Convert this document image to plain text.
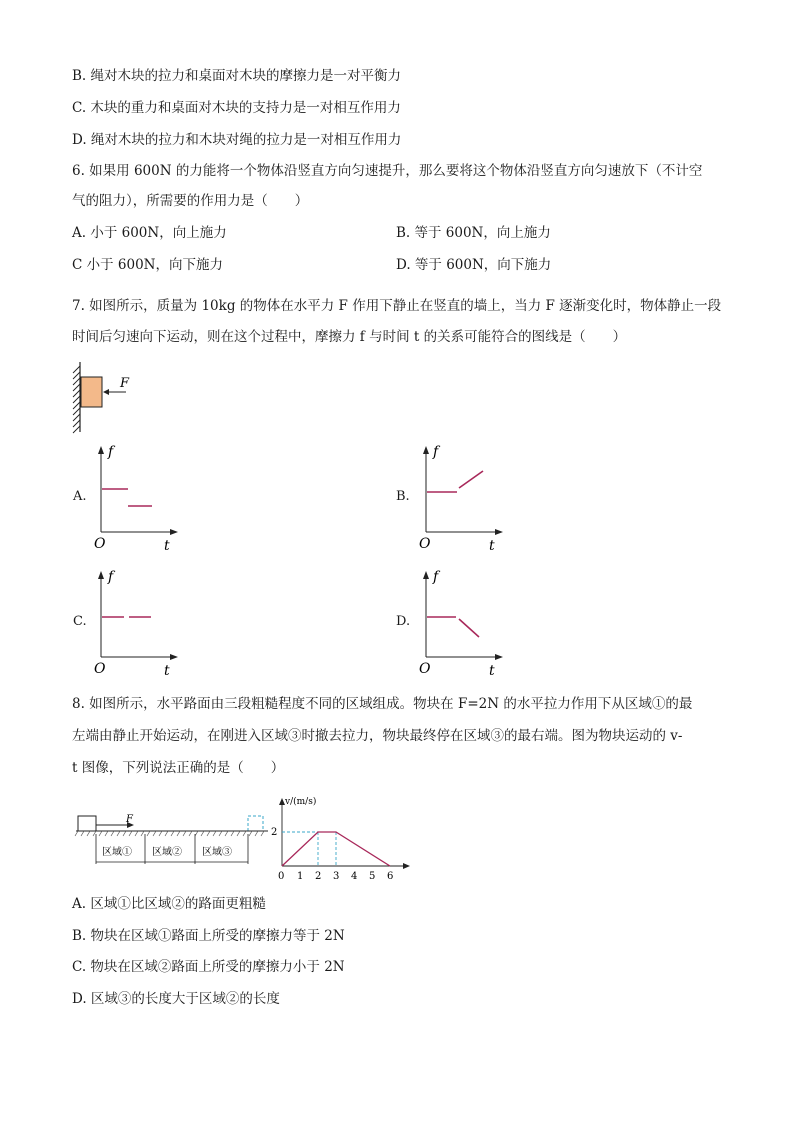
B. 绳对木块的拉力和桌面对木块的摩擦力是一对平衡力
C. 木块的重力和桌面对木块的支持力是一对相互作用力
D. 绳对木块的拉力和木块对绳的拉力是一对相互作用力
6. 如果用 600N 的力能将一个物体沿竖直方向匀速提升，那么要将这个物体沿竖直方向匀速放下（不计空
气的阻力），所需要的作用力是（　　）
A. 小于 600N，向上施力	B. 等于 600N，向上施力
C 小于 600N，向下施力	D. 等于 600N，向下施力
7. 如图所示，质量为 10kg 的物体在水平力 F 作用下静止在竖直的墙上，当力 F 逐渐变化时，物体静止一段
时间后匀速向下运动，则在这个过程中，摩擦力 f 与时间 t 的关系可能符合的图线是（　　）
F
A.
f
t
O
B.
f
t
O
C.
f
t
O
D.
f
t
O
8. 如图所示，水平路面由三段粗糙程度不同的区域组成。物块在 F=2N 的水平拉力作用下从区域①的最
左端由静止开始运动，在刚进入区域③时撤去拉力，物块最终停在区域③的最右端。图为物块运动的 v-
t 图像，下列说法正确的是（　　）
F
区域① 区域② 区域③
v/(m/s)
2
0 1 2 3 4 5 6
A. 区域①比区域②的路面更粗糙
B. 物块在区域①路面上所受的摩擦力等于 2N
C. 物块在区域②路面上所受的摩擦力小于 2N
D. 区域③的长度大于区域②的长度
